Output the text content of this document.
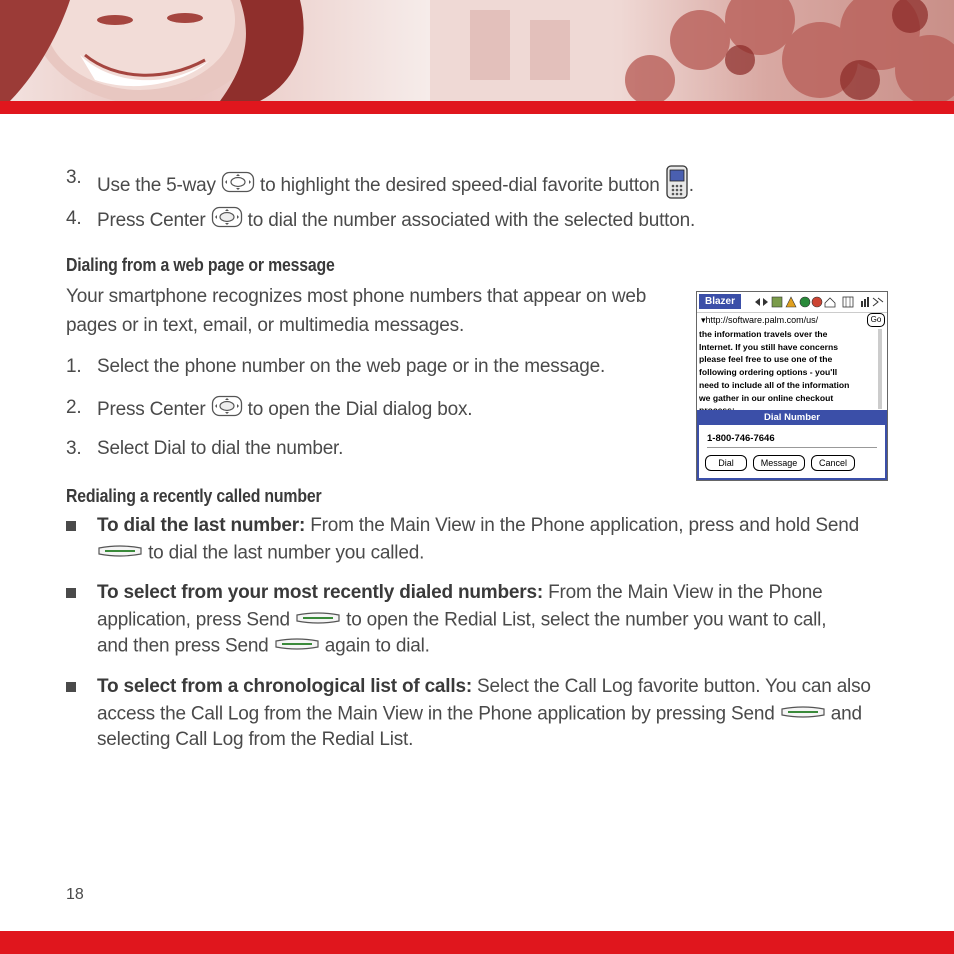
3. Use the 5-way to highlight the desired speed-dial favorite button .
4. Press Center to dial the number associated with the selected button.
Dialing from a web page or message
Your smartphone recognizes most phone numbers that appear on web pages or in text, email, or multimedia messages.
1. Select the phone number on the web page or in the message.
2. Press Center to open the Dial dialog box.
3. Select Dial to dial the number.
Blazer
▾http://software.palm.com/us/	Go
the information travels over the
Internet. If you still have concerns
please feel free to use one of the
following ordering options - you'll
need to include all of the information
we gather in our online checkout
Dial Number
1-800-746-7646
Dial	Message	Cancel
Redialing a recently called number
To dial the last number: From the Main View in the Phone application, press and hold Send
to dial the last number you called.
To select from your most recently dialed numbers: From the Main View in the Phone
application, press Send	to open the Redial List, select the number you want to call,
and then press Send	again to dial.
To select from a chronological list of calls: Select the Call Log favorite button. You can also
access the Call Log from the Main View in the Phone application by pressing Send	and
selecting Call Log from the Redial List.
18
